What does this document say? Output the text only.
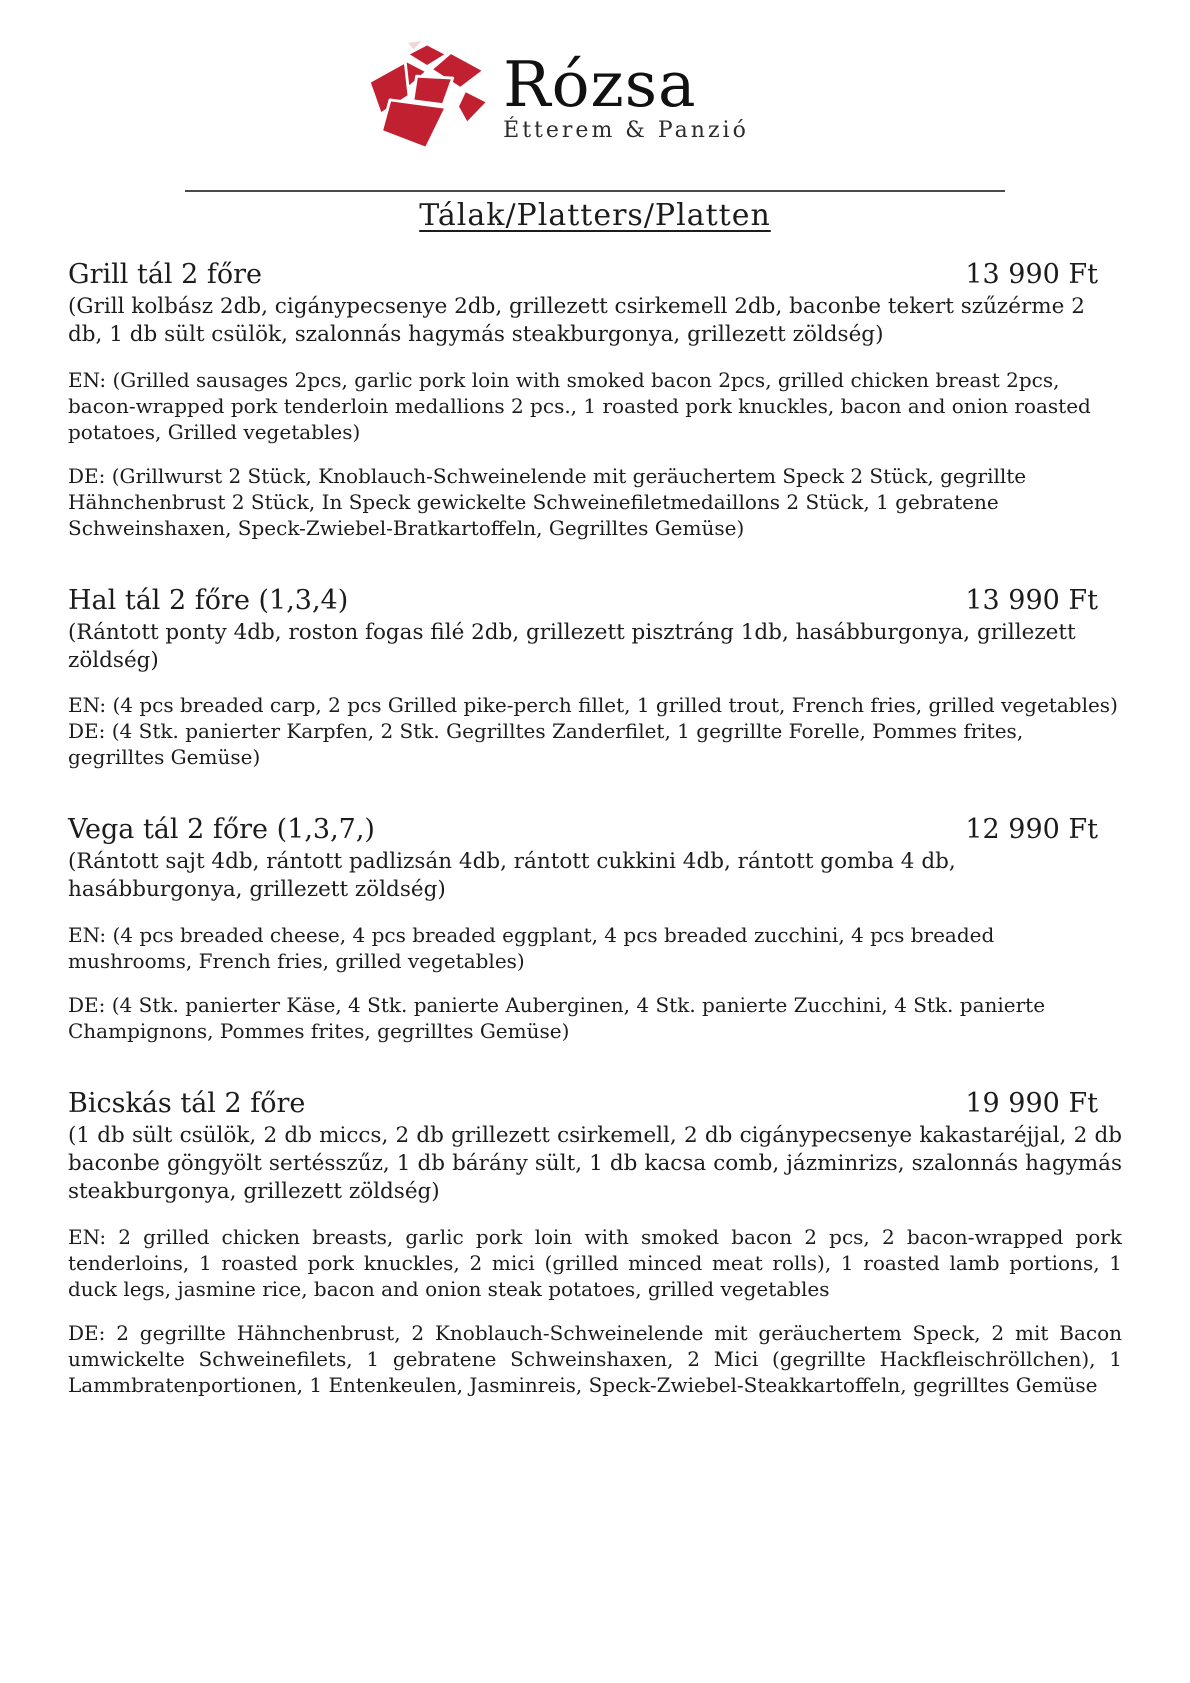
Rózsa
Étterem & Panzió
Tálak/Platters/Platten
Grill tál 2 főre	13 990 Ft

(Grill kolbász 2db, cigánypecsenye 2db, grillezett csirkemell 2db, baconbe tekert szűzérme 2 db, 1 db sült csülök, szalonnás hagymás steakburgonya, grillezett zöldség)

EN: (Grilled sausages 2pcs, garlic pork loin with smoked bacon 2pcs, grilled chicken breast 2pcs, bacon-wrapped pork tenderloin medallions 2 pcs., 1 roasted pork knuckles, bacon and onion roasted potatoes, Grilled vegetables)

DE: (Grillwurst 2 Stück, Knoblauch-Schweinelende mit geräuchertem Speck 2 Stück, gegrillte Hähnchenbrust 2 Stück, In Speck gewickelte Schweinefiletmedaillons 2 Stück, 1 gebratene Schweinshaxen, Speck-Zwiebel-Bratkartoffeln, Gegrilltes Gemüse)

Hal tál 2 főre (1,3,4)	13 990 Ft

(Rántott ponty 4db, roston fogas filé 2db, grillezett pisztráng 1db, hasábburgonya, grillezett zöldség)

EN: (4 pcs breaded carp, 2 pcs Grilled pike-perch fillet, 1 grilled trout, French fries, grilled vegetables)

DE: (4 Stk. panierter Karpfen, 2 Stk. Gegrilltes Zanderfilet, 1 gegrillte Forelle, Pommes frites, gegrilltes Gemüse)

Vega tál 2 főre (1,3,7,)	12 990 Ft

(Rántott sajt 4db, rántott padlizsán 4db, rántott cukkini 4db, rántott gomba 4 db, hasábburgonya, grillezett zöldség)

EN: (4 pcs breaded cheese, 4 pcs breaded eggplant, 4 pcs breaded zucchini, 4 pcs breaded mushrooms, French fries, grilled vegetables)

DE: (4 Stk. panierter Käse, 4 Stk. panierte Auberginen, 4 Stk. panierte Zucchini, 4 Stk. panierte Champignons, Pommes frites, gegrilltes Gemüse)

Bicskás tál 2 főre	19 990 Ft

(1 db sült csülök, 2 db miccs, 2 db grillezett csirkemell, 2 db cigánypecsenye kakastaréjjal, 2 db baconbe göngyölt sertésszűz, 1 db bárány sült, 1 db kacsa comb, jázminrizs, szalonnás hagymás steakburgonya, grillezett zöldség)

EN: 2 grilled chicken breasts, garlic pork loin with smoked bacon 2 pcs, 2 bacon-wrapped pork tenderloins, 1 roasted pork knuckles, 2 mici (grilled minced meat rolls), 1 roasted lamb portions, 1 duck legs, jasmine rice, bacon and onion steak potatoes, grilled vegetables

DE: 2 gegrillte Hähnchenbrust, 2 Knoblauch-Schweinelende mit geräuchertem Speck, 2 mit Bacon umwickelte Schweinefilets, 1 gebratene Schweinshaxen, 2 Mici (gegrillte Hackfleischröllchen), 1 Lammbratenportionen, 1 Entenkeulen, Jasminreis, Speck-Zwiebel-Steakkartoffeln, gegrilltes Gemüse
